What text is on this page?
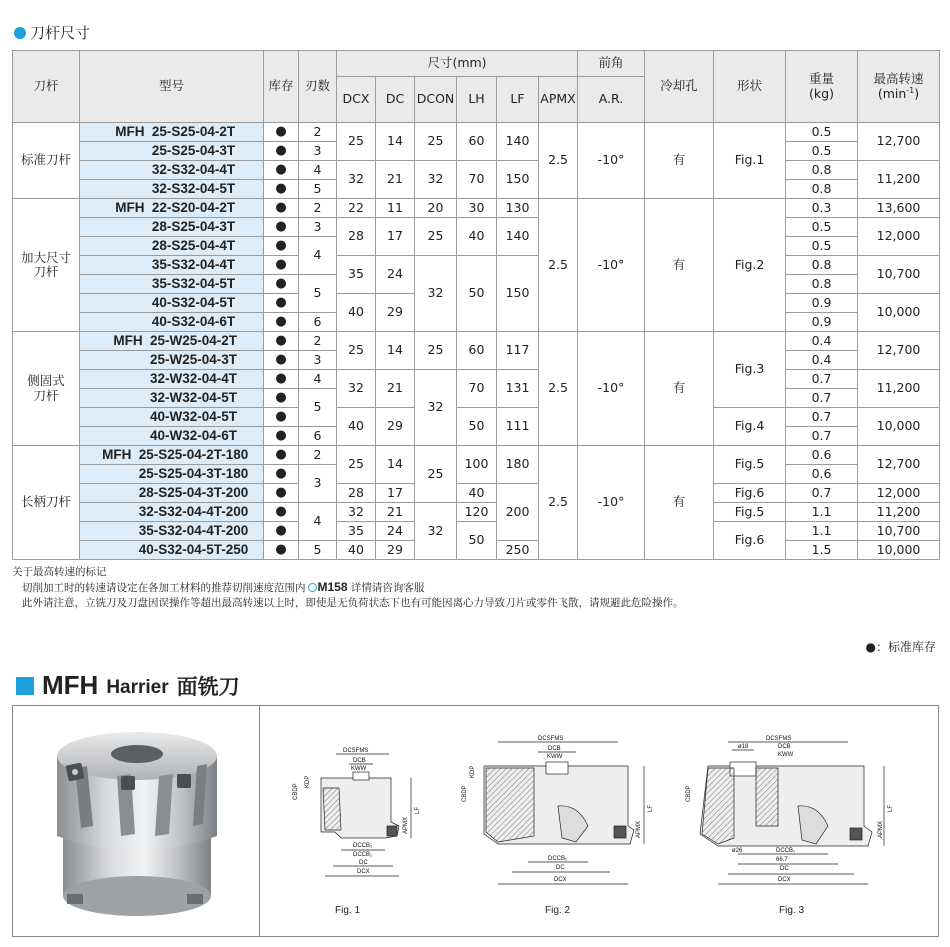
刀杆尺寸
刀杆	型号	库存	刃数	尺寸(mm)						前角	冷却孔	形状	重量
(kg)	最高转速
$(\min^{-1})$
				DCX	DC	DCON	LH	LF	APMX	A.R.				
标准刀杆	MFH 25-S25-04-2T	●	2	25	14	25	60	140	2.5	-10°	有	Fig.1	0.5	12,700
	25-S25-04-3T	●	3										0.5	
	32-S32-04-4T	●	4	32	21	32	70	150					0.8	11,200
	32-S32-04-5T	●	5										0.8	
加大尺寸刀杆	MFH 22-S20-04-2T	●	2	22	11	20	30	130	2.5	-10°	有	Fig.2	0.3	13,600
	28-S25-04-3T	●	3	28	17	25	40	140					0.5	12,000
	28-S25-04-4T	●	4										0.5	
	35-S32-04-4T	●		35	24	32	50	150					0.8	10,700
	35-S32-04-5T	●	5										0.8	
	40-S32-04-5T	●		40	29								0.9	10,000
	40-S32-04-6T	●	6										0.9	
侧固式刀杆	MFH 25-W25-04-2T	●	2	25	14	25	60	117	2.5	-10°	有	Fig.3	0.4	12,700
	25-W25-04-3T	●	3										0.4	
	32-W32-04-4T	●	4	32	21	32	70	131					0.7	11,200
	32-W32-04-5T	●	5										0.7	
	40-W32-04-5T	●		40	29		50	111				Fig.4	0.7	10,000
	40-W32-04-6T	●	6										0.7	
长柄刀杆	MFH 25-S25-04-2T-180	●	2	25	14	25	100	180	2.5	-10°	有	Fig.5	0.6	12,700
	25-S25-04-3T-180	●	3										0.6	
	28-S25-04-3T-200	●		28	17		40	200				Fig.6	0.7	12,000
	32-S32-04-4T-200	●	4	32	21	32	120					Fig.5	1.1	11,200
	35-S32-04-4T-200	●		35	24		50					Fig.6	1.1	10,700
	40-S32-04-5T-250	●	5	40	29			250					1.5	10,000
关于最高转速的标记
切削加工时的转速请设定在各加工材料的推荐切削速度范围内 M158 详情请咨询客服
此外请注意，立铣刀及刀盘因误操作等超出最高转速以上时，即使是无负荷状态下也有可能因离心力导致刀片或零件飞散，请规避此危险操作。
●：标准库存
MFH Harrier 面铣刀
DCSFMS
DCB
KWW
KDP
CBDP
LF
APMX
DCCB₂
DCCB₁
DC
DCX
Fig. 1
DCSFMS
DCB
KWW
KDP
CBDP
LF
APMX
DCCB₁
DC
DCX
Fig. 2
DCSFMS
ø18	DCB
KWW
CBDP
LF
APMX
ø26	DCCB₁
66.7
DC
DCX
Fig. 3
